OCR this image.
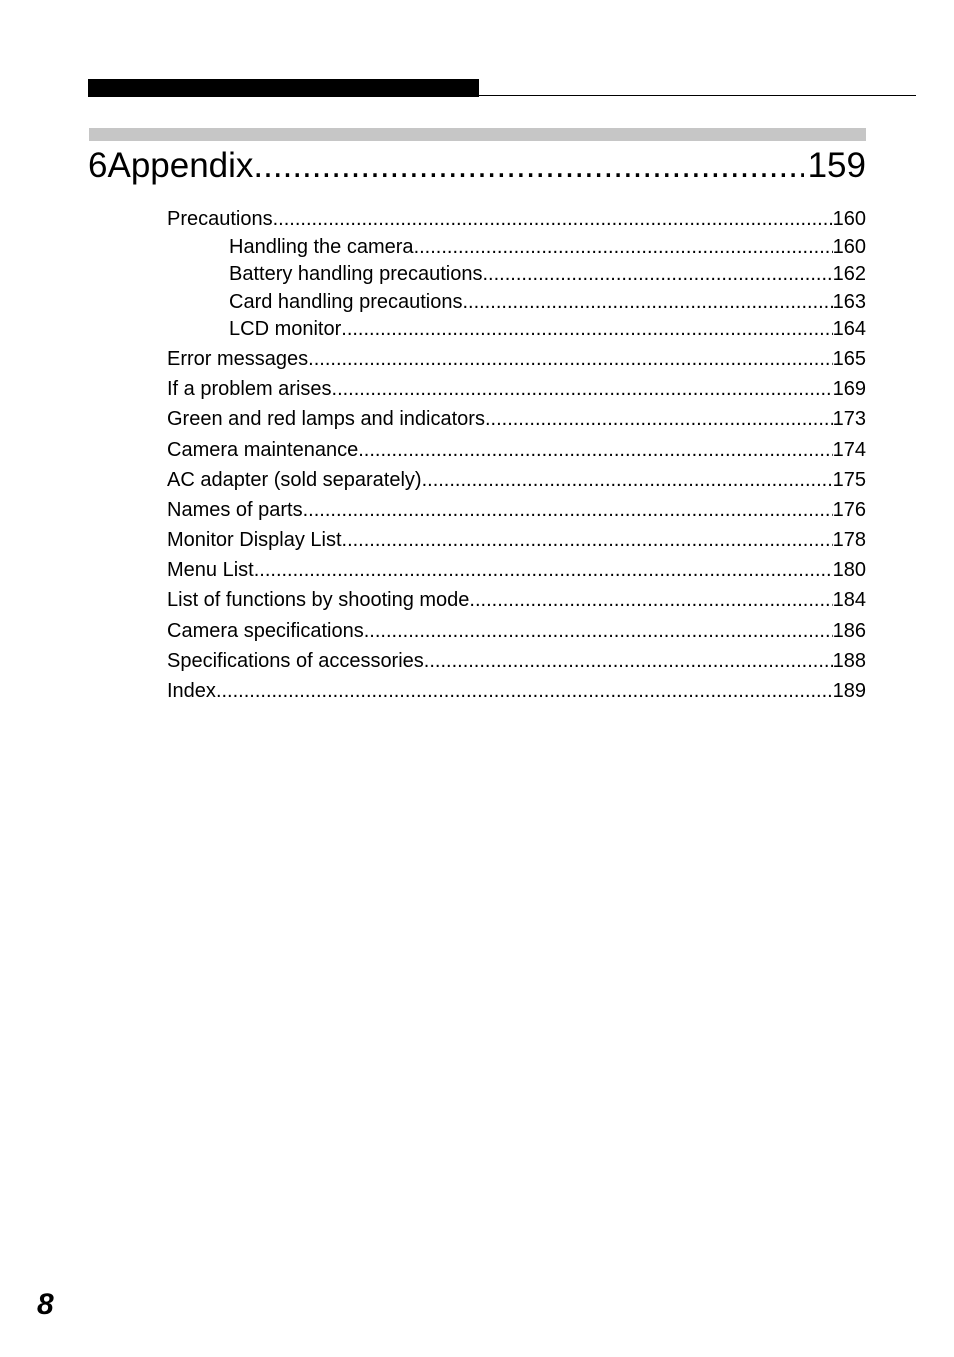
6 Appendix .....	159
Precautions .....	160
Handling the camera .....	160
Battery handling precautions .....	162
Card handling precautions .....	163
LCD monitor .....	164
Error messages .....	165
If a problem arises .....	169
Green and red lamps and indicators .....	173
Camera maintenance .....	174
AC adapter (sold separately) .....	175
Names of parts .....	176
Monitor Display List .....	178
Menu List .....	180
List of functions by shooting mode .....	184
Camera specifications .....	186
Specifications of accessories .....	188
Index .....	189
8
